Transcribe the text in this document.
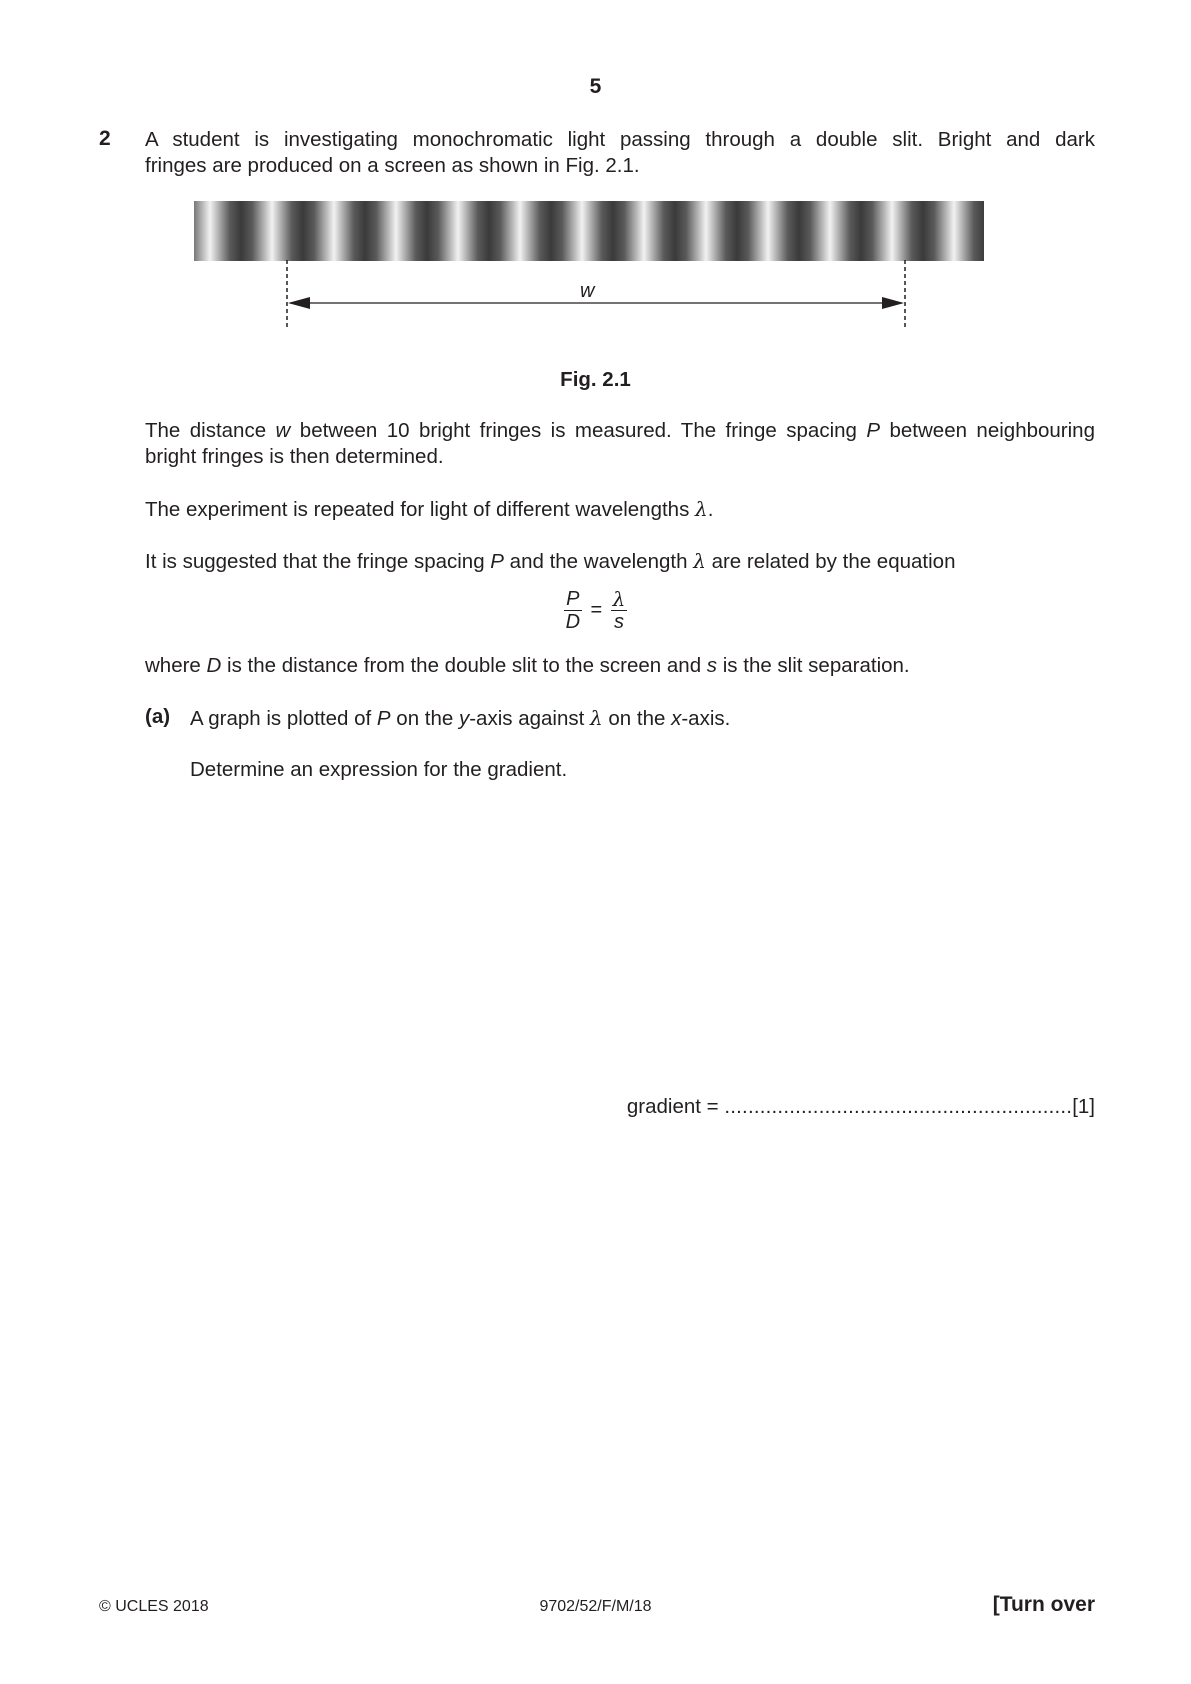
5
2 A student is investigating monochromatic light passing through a double slit. Bright and dark
fringes are produced on a screen as shown in Fig. 2.1.
w
Fig. 2.1
The distance w between 10 bright fringes is measured. The fringe spacing P between neighbouring
bright fringes is then determined.
The experiment is repeated for light of different wavelengths λ.
It is suggested that the fringe spacing P and the wavelength λ are related by the equation
$\frac{P}{D} = \frac{\lambda}{s}$
where D is the distance from the double slit to the screen and s is the slit separation.
(a) A graph is plotted of P on the y-axis against λ on the x-axis.
Determine an expression for the gradient.
gradient = ...........................................................[1]
© UCLES 2018	9702/52/F/M/18	[Turn over
